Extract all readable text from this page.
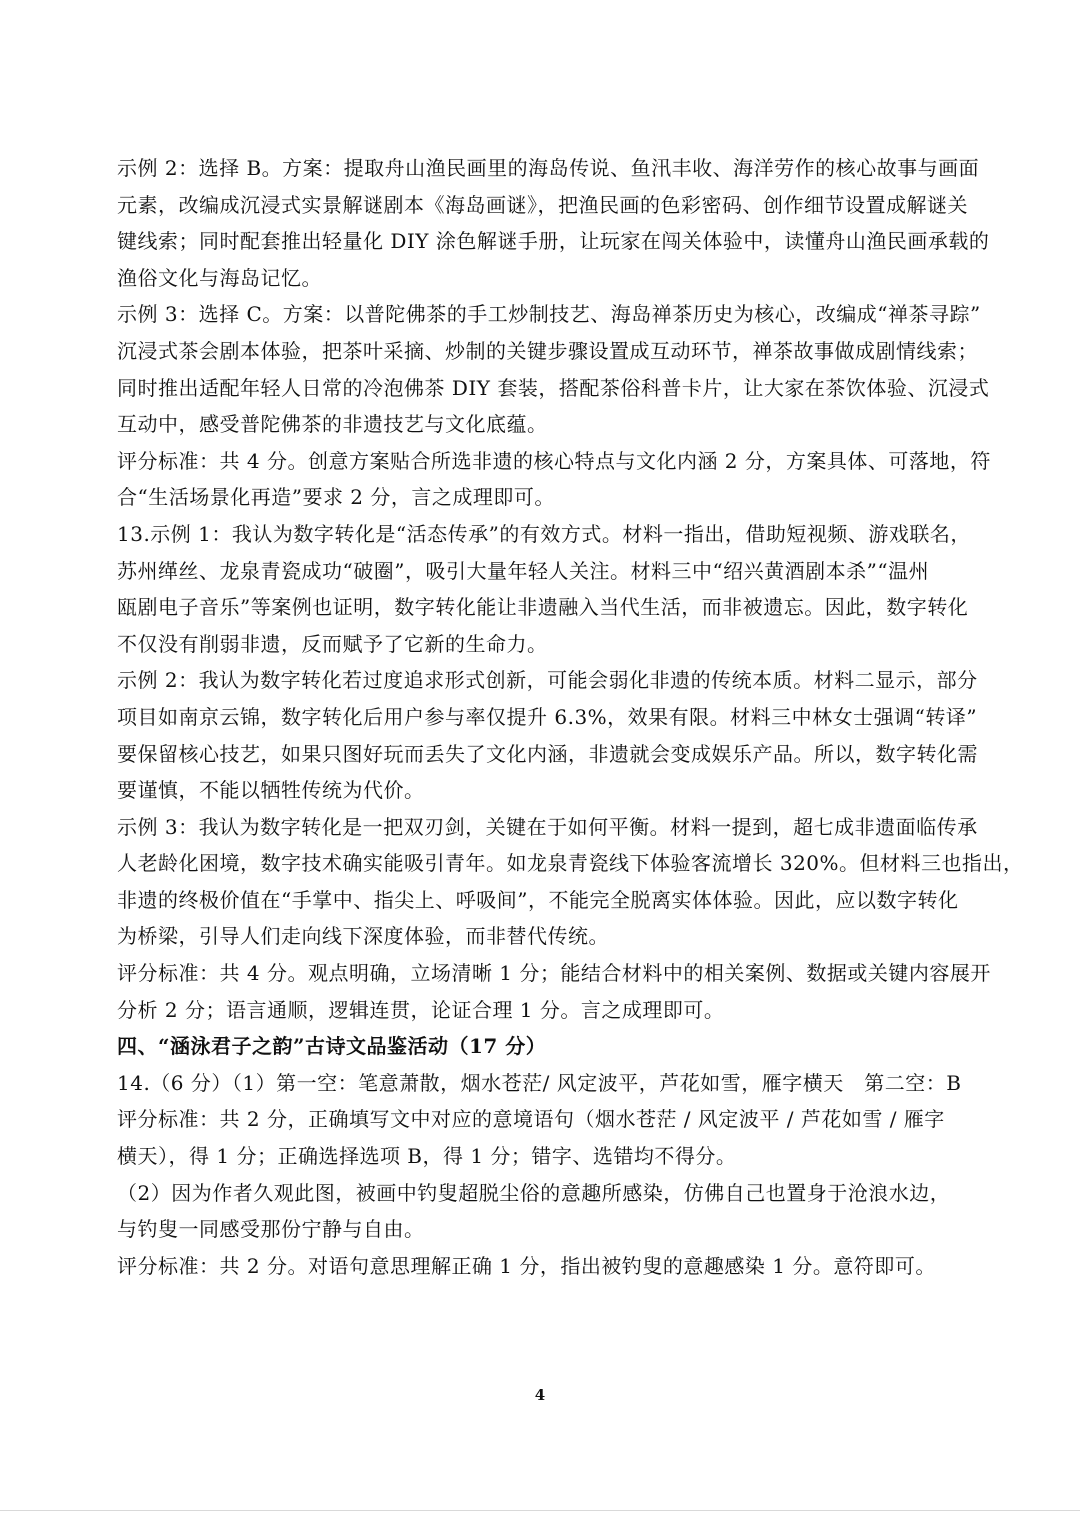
示例 2：选择 B。方案：提取舟山渔民画里的海岛传说、鱼汛丰收、海洋劳作的核心故事与画面
元素，改编成沉浸式实景解谜剧本《海岛画谜》，把渔民画的色彩密码、创作细节设置成解谜关
键线索；同时配套推出轻量化 DIY 涂色解谜手册，让玩家在闯关体验中，读懂舟山渔民画承载的
渔俗文化与海岛记忆。
示例 3：选择 C。方案：以普陀佛茶的手工炒制技艺、海岛禅茶历史为核心，改编成“禅茶寻踪”
沉浸式茶会剧本体验，把茶叶采摘、炒制的关键步骤设置成互动环节，禅茶故事做成剧情线索；
同时推出适配年轻人日常的冷泡佛茶 DIY 套装，搭配茶俗科普卡片，让大家在茶饮体验、沉浸式
互动中，感受普陀佛茶的非遗技艺与文化底蕴。
评分标准：共 4 分。创意方案贴合所选非遗的核心特点与文化内涵 2 分，方案具体、可落地，符
合“生活场景化再造”要求 2 分，言之成理即可。
13.示例 1：我认为数字转化是“活态传承”的有效方式。材料一指出，借助短视频、游戏联名，
苏州缂丝、龙泉青瓷成功“破圈”，吸引大量年轻人关注。材料三中“绍兴黄酒剧本杀”“温州
瓯剧电子音乐”等案例也证明，数字转化能让非遗融入当代生活，而非被遗忘。因此，数字转化
不仅没有削弱非遗，反而赋予了它新的生命力。
示例 2：我认为数字转化若过度追求形式创新，可能会弱化非遗的传统本质。材料二显示，部分
项目如南京云锦，数字转化后用户参与率仅提升 6.3%，效果有限。材料三中林女士强调“转译”
要保留核心技艺，如果只图好玩而丢失了文化内涵，非遗就会变成娱乐产品。所以，数字转化需
要谨慎，不能以牺牲传统为代价。
示例 3：我认为数字转化是一把双刃剑，关键在于如何平衡。材料一提到，超七成非遗面临传承
人老龄化困境，数字技术确实能吸引青年。如龙泉青瓷线下体验客流增长 320%。但材料三也指出，
非遗的终极价值在“手掌中、指尖上、呼吸间”，不能完全脱离实体体验。因此，应以数字转化
为桥梁，引导人们走向线下深度体验，而非替代传统。
评分标准：共 4 分。观点明确，立场清晰 1 分；能结合材料中的相关案例、数据或关键内容展开
分析 2 分；语言通顺，逻辑连贯，论证合理 1 分。言之成理即可。
四、“涵泳君子之韵”古诗文品鉴活动（17 分）
14.（6 分）（1）第一空：笔意萧散，烟水苍茫/ 风定波平，芦花如雪，雁字横天　第二空：B
评分标准：共 2 分，正确填写文中对应的意境语句（烟水苍茫 / 风定波平 / 芦花如雪 / 雁字
横天），得 1 分；正确选择选项 B，得 1 分；错字、选错均不得分。
（2）因为作者久观此图，被画中钓叟超脱尘俗的意趣所感染，仿佛自己也置身于沧浪水边，
与钓叟一同感受那份宁静与自由。
评分标准：共 2 分。对语句意思理解正确 1 分，指出被钓叟的意趣感染 1 分。意符即可。
4
